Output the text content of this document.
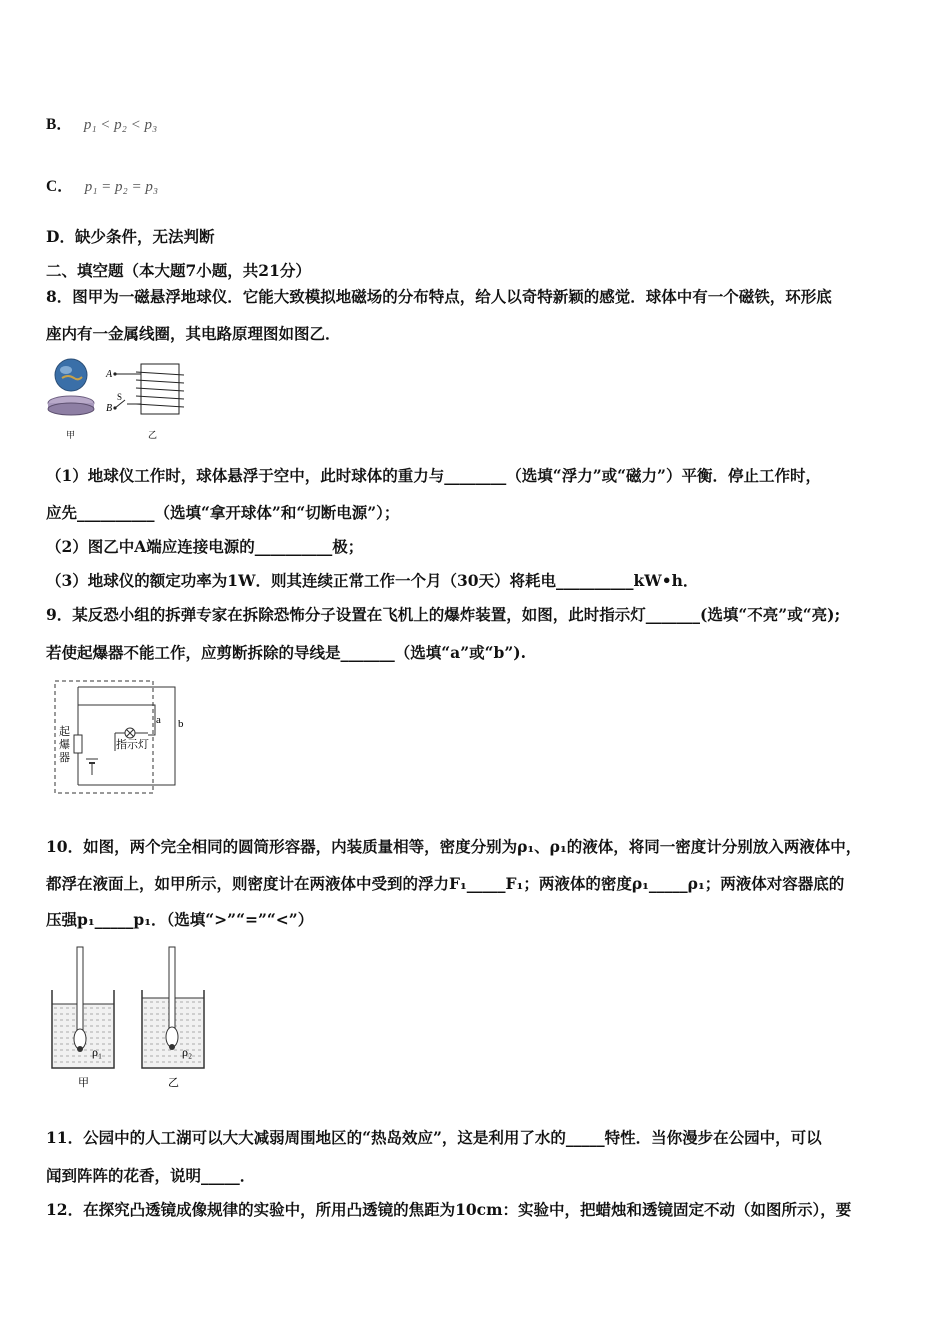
B． p₁ < p₂ < p₃
C． p₁ = p₂ = p₃
D．缺少条件，无法判断
二、填空题（本大题7小题，共21分）
8．图甲为一磁悬浮地球仪．它能大致模拟地磁场的分布特点，给人以奇特新颖的感觉．球体中有一个磁铁，环形底
座内有一金属线圈，其电路原理图如图乙．
A
S
B
甲	乙
（1）地球仪工作时，球体悬浮于空中，此时球体的重力与________（选填“浮力”或“磁力”）平衡．停止工作时，
应先__________（选填“拿开球体”和“切断电源”）；
（2）图乙中A端应连接电源的__________极；
（3）地球仪的额定功率为1W．则其连续正常工作一个月（30天）将耗电__________kW•h．
9．某反恐小组的拆弹专家在拆除恐怖分子设置在飞机上的爆炸装置，如图，此时指示灯_______(选填“不亮”或“亮);
若使起爆器不能工作，应剪断拆除的导线是_______（选填“a”或“b”).
a b
指示灯
起爆器
10．如图，两个完全相同的圆筒形容器，内装质量相等，密度分别为ρ₁、ρ₁的液体，将同一密度计分别放入两液体中，
都浮在液面上，如甲所示，则密度计在两液体中受到的浮力F₁_____F₁；两液体的密度ρ₁_____ρ₁；两液体对容器底的
压强p₁_____p₁．（选填“>”“=”“<”）
ρ₁	ρ₂
甲	乙
11．公园中的人工湖可以大大减弱周围地区的“热岛效应”，这是利用了水的_____特性．当你漫步在公园中，可以
闻到阵阵的花香，说明_____．
12．在探究凸透镜成像规律的实验中，所用凸透镜的焦距为10cm：实验中，把蜡烛和透镜固定不动（如图所示），要
